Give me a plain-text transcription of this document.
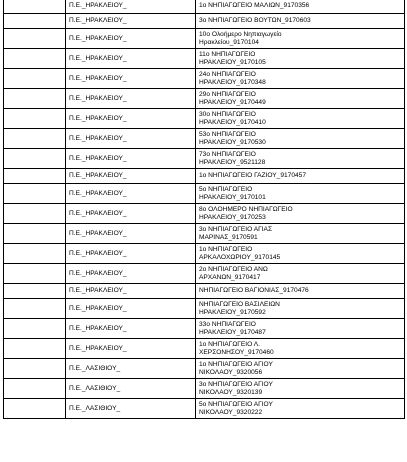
	Π.Ε._ΗΡΑΚΛΕΙΟΥ_	1ο ΝΗΠΙΑΓΩΓΕΙΟ ΜΑΛΙΩΝ_9170356

	Π.Ε._ΗΡΑΚΛΕΙΟΥ_	3ο ΝΗΠΙΑΓΩΓΕΙΟ ΒΟΥΤΩΝ_9170603

	Π.Ε._ΗΡΑΚΛΕΙΟΥ_	10ο Ολοήμερο Νηπιαγωγείο
Ηρακλείου_9170104

	Π.Ε._ΗΡΑΚΛΕΙΟΥ_	11ο ΝΗΠΙΑΓΩΓΕΙΟ
ΗΡΑΚΛΕΙΟΥ_9170105

	Π.Ε._ΗΡΑΚΛΕΙΟΥ_	24ο ΝΗΠΙΑΓΩΓΕΙΟ
ΗΡΑΚΛΕΙΟΥ_9170348

	Π.Ε._ΗΡΑΚΛΕΙΟΥ_	29ο ΝΗΠΙΑΓΩΓΕΙΟ
ΗΡΑΚΛΕΙΟΥ_9170449

	Π.Ε._ΗΡΑΚΛΕΙΟΥ_	30ο ΝΗΠΙΑΓΩΓΕΙΟ
ΗΡΑΚΛΕΙΟΥ_9170410

	Π.Ε._ΗΡΑΚΛΕΙΟΥ_	53ο ΝΗΠΙΑΓΩΓΕΙΟ
ΗΡΑΚΛΕΙΟΥ_9170530

	Π.Ε._ΗΡΑΚΛΕΙΟΥ_	73ο ΝΗΠΙΑΓΩΓΕΙΟ
ΗΡΑΚΛΕΙΟΥ_9521128

	Π.Ε._ΗΡΑΚΛΕΙΟΥ_	1ο ΝΗΠΙΑΓΩΓΕΙΟ ΓΑΖΙΟΥ_9170457

	Π.Ε._ΗΡΑΚΛΕΙΟΥ_	5ο ΝΗΠΙΑΓΩΓΕΙΟ
ΗΡΑΚΛΕΙΟΥ_9170101

	Π.Ε._ΗΡΑΚΛΕΙΟΥ_	8ο ΟΛΟΗΜΕΡΟ ΝΗΠΙΑΓΩΓΕΙΟ
ΗΡΑΚΛΕΙΟΥ_9170253

	Π.Ε._ΗΡΑΚΛΕΙΟΥ_	3ο ΝΗΠΙΑΓΩΓΕΙΟ ΑΓΙΑΣ
ΜΑΡΙΝΑΣ_9170591

	Π.Ε._ΗΡΑΚΛΕΙΟΥ_	1ο ΝΗΠΙΑΓΩΓΕΙΟ
ΑΡΚΑΛΟΧΩΡΙΟΥ_9170145

	Π.Ε._ΗΡΑΚΛΕΙΟΥ_	2ο ΝΗΠΙΑΓΩΓΕΙΟ ΑΝΩ
ΑΡΧΑΝΩΝ_9170417

	Π.Ε._ΗΡΑΚΛΕΙΟΥ_	ΝΗΠΙΑΓΩΓΕΙΟ ΒΑΓΙΟΝΙΑΣ_9170476

	Π.Ε._ΗΡΑΚΛΕΙΟΥ_	ΝΗΠΙΑΓΩΓΕΙΟ ΒΑΣΙΛΕΙΩΝ
ΗΡΑΚΛΕΙΟΥ_9170592

	Π.Ε._ΗΡΑΚΛΕΙΟΥ_	33ο ΝΗΠΙΑΓΩΓΕΙΟ
ΗΡΑΚΛΕΙΟΥ_9170487

	Π.Ε._ΗΡΑΚΛΕΙΟΥ_	1ο ΝΗΠΙΑΓΩΓΕΙΟ Λ.
ΧΕΡΣΟΝΗΣΟΥ_9170460

	Π.Ε._ΛΑΣΙΘΙΟΥ_	1ο ΝΗΠΙΑΓΩΓΕΙΟ ΑΓΙΟΥ
ΝΙΚΟΛΑΟΥ_9320056

	Π.Ε._ΛΑΣΙΘΙΟΥ_	3ο ΝΗΠΙΑΓΩΓΕΙΟ ΑΓΙΟΥ
ΝΙΚΟΛΑΟΥ_9320139

	Π.Ε._ΛΑΣΙΘΙΟΥ_	5ο ΝΗΠΙΑΓΩΓΕΙΟ ΑΓΙΟΥ
ΝΙΚΟΛΑΟΥ_9320222
